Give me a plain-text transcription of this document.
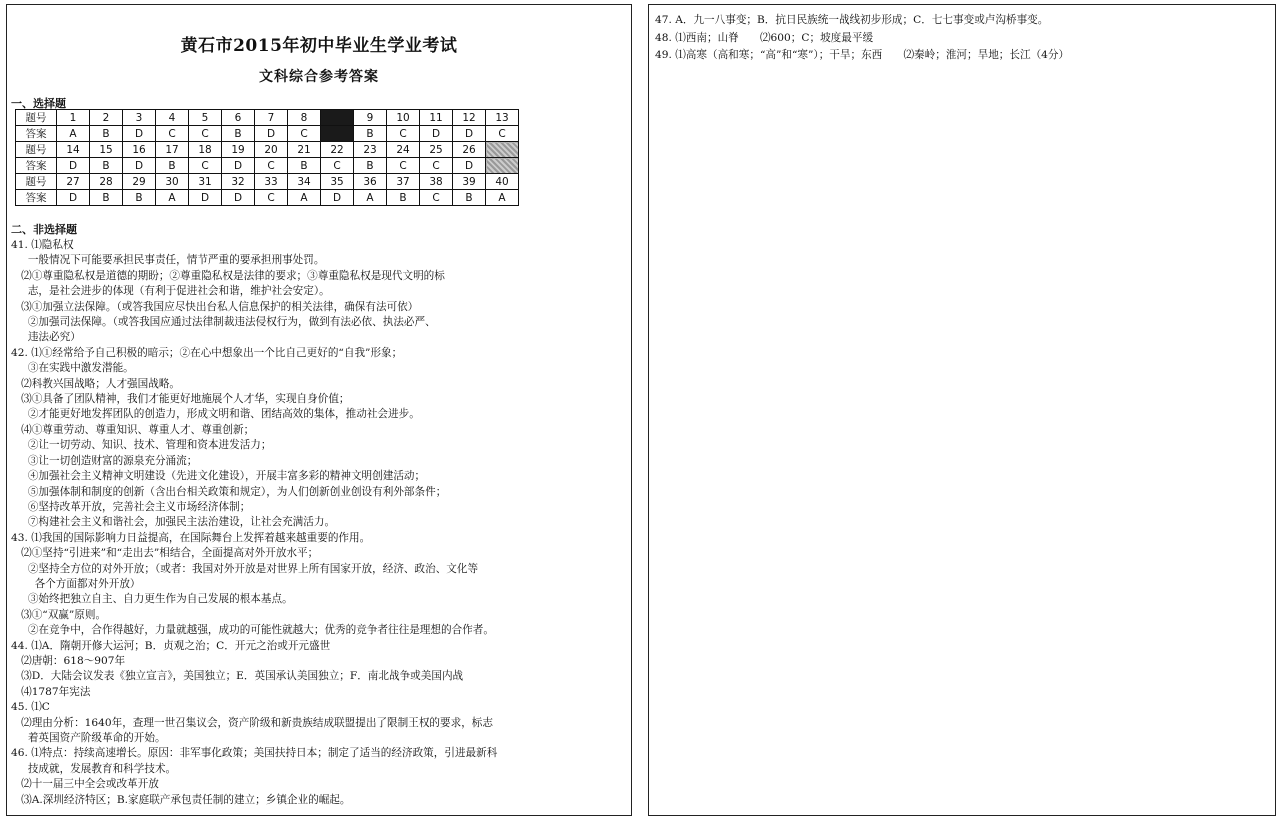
黄石市2015年初中毕业生学业考试
文科综合参考答案
一、选择题
题号	1	2	3	4	5	6	7	8		9	10	11	12	13
答案	A	B	D	C	C	B	D	C		B	C	D	D	C
题号	14	15	16	17	18	19	20	21	22	23	24	25	26	
答案	D	B	D	B	C	D	C	B	C	B	C	C	D	
题号	27	28	29	30	31	32	33	34	35	36	37	38	39	40
答案	D	B	B	A	D	D	C	A	D	A	B	C	B	A
二、非选择题
41. ⑴隐私权
一般情况下可能要承担民事责任，情节严重的要承担刑事处罚。
⑵①尊重隐私权是道德的期盼；②尊重隐私权是法律的要求；③尊重隐私权是现代文明的标
志，是社会进步的体现（有利于促进社会和谐，维护社会安定）。
⑶①加强立法保障。（或答我国应尽快出台私人信息保护的相关法律，确保有法可依）
②加强司法保障。（或答我国应通过法律制裁违法侵权行为，做到有法必依、执法必严、
违法必究）
42. ⑴①经常给予自己积极的暗示；②在心中想象出一个比自己更好的“自我”形象；
③在实践中激发潜能。
⑵科教兴国战略；人才强国战略。
⑶①具备了团队精神，我们才能更好地施展个人才华，实现自身价值；
②才能更好地发挥团队的创造力，形成文明和谐、团结高效的集体，推动社会进步。
⑷①尊重劳动、尊重知识、尊重人才、尊重创新；
②让一切劳动、知识、技术、管理和资本进发活力；
③让一切创造财富的源泉充分涌流；
④加强社会主义精神文明建设（先进文化建设），开展丰富多彩的精神文明创建活动；
⑤加强体制和制度的创新（含出台相关政策和规定），为人们创新创业创设有利外部条件；
⑥坚持改革开放，完善社会主义市场经济体制；
⑦构建社会主义和谐社会，加强民主法治建设，让社会充满活力。
43. ⑴我国的国际影响力日益提高，在国际舞台上发挥着越来越重要的作用。
⑵①坚持“引进来”和“走出去”相结合，全面提高对外开放水平；
②坚持全方位的对外开放；（或者：我国对外开放是对世界上所有国家开放，经济、政治、文化等
各个方面都对外开放）
③始终把独立自主、自力更生作为自己发展的根本基点。
⑶①“双赢”原则。
②在竞争中，合作得越好，力量就越强，成功的可能性就越大；优秀的竞争者往往是理想的合作者。
44. ⑴A．隋朝开修大运河；B．贞观之治；C．开元之治或开元盛世
⑵唐朝：618～907年
⑶D．大陆会议发表《独立宣言》，美国独立；E．英国承认美国独立；F．南北战争或美国内战
⑷1787年宪法
45. ⑴C
⑵理由分析：1640年，查理一世召集议会，资产阶级和新贵族结成联盟提出了限制王权的要求，标志
着英国资产阶级革命的开始。
46. ⑴特点：持续高速增长。原因：非军事化政策；美国扶持日本；制定了适当的经济政策，引进最新科
技成就，发展教育和科学技术。
⑵十一届三中全会或改革开放
⑶A.深圳经济特区；B.家庭联产承包责任制的建立；乡镇企业的崛起。
47. A．九一八事变；B．抗日民族统一战线初步形成；C．七七事变或卢沟桥事变。
48. ⑴西南；山脊　　⑵600；C；坡度最平缓
49. ⑴高寒（高和寒；“高”和“寒”）；干旱；东西　　⑵秦岭；淮河；旱地；长江（4分）
